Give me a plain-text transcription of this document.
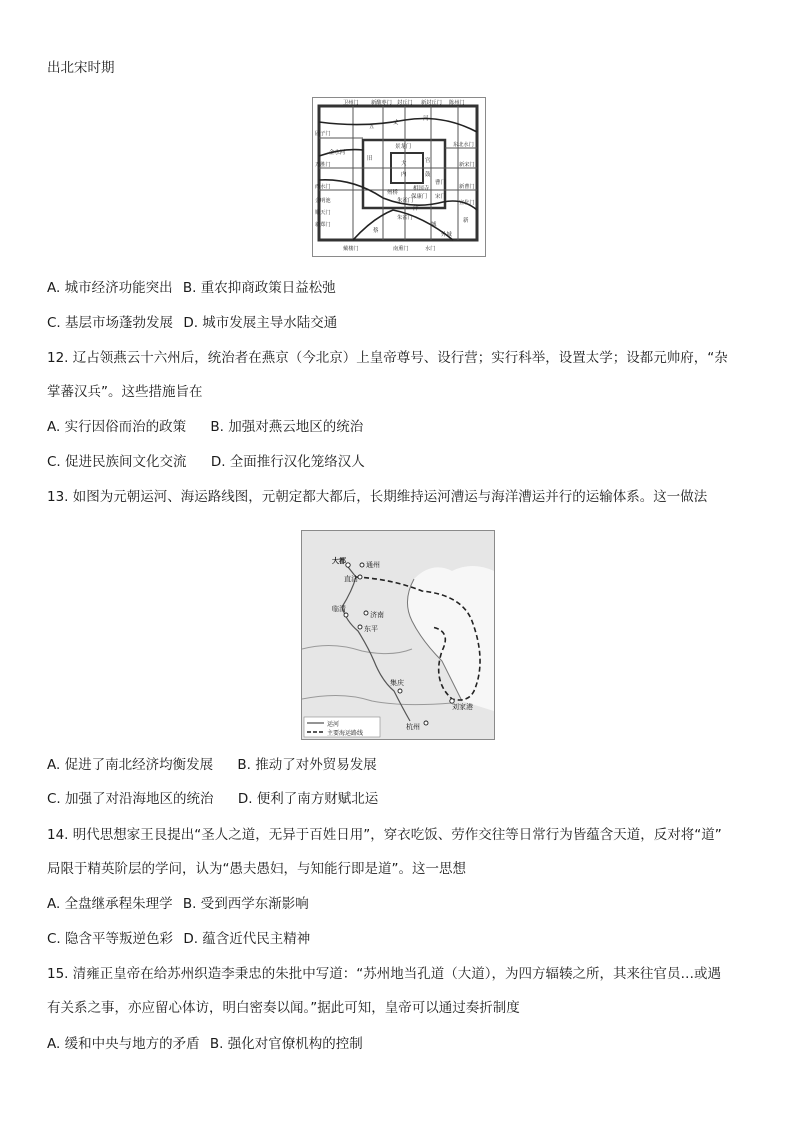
出北宋时期
卫州门 新酸枣门 封丘门 新封丘门 陈州门
固子门
东北水门
万胜门	新宋门
西水门	新曹门
金明池	宣化门
顺天门
朱雀门
戴楼门
新郑门
水门
南熏门
大
内
五
丈
河
汴
蔡
城
宫
景龙门
金水河
鼓
新
旧
曹门
宋门
朱雀门
保康门
州桥
相国寺
外城
A. 城市经济功能突出 B. 重农抑商政策日益松弛
C. 基层市场蓬勃发展 D. 城市发展主导水陆交通
12. 辽占领燕云十六州后，统治者在燕京（今北京）上皇帝尊号、设行营；实行科举，设置太学；设都元帅府，“杂
掌蕃汉兵”。这些措施旨在
A. 实行因俗而治的政策 B. 加强对燕云地区的统治
C. 促进民族间文化交流 D. 全面推行汉化笼络汉人
13. 如图为元朝运河、海运路线图，元朝定都大都后，长期维持运河漕运与海洋漕运并行的运输体系。这一做法
大都	通州
直沽
临清
济南
东平
集庆
刘家港
杭州
运河
主要海运路线
A. 促进了南北经济均衡发展 B. 推动了对外贸易发展
C. 加强了对沿海地区的统治 D. 便利了南方财赋北运
14. 明代思想家王艮提出“圣人之道，无异于百姓日用”，穿衣吃饭、劳作交往等日常行为皆蕴含天道，反对将“道”
局限于精英阶层的学问，认为“愚夫愚妇，与知能行即是道”。这一思想
A. 全盘继承程朱理学 B. 受到西学东渐影响
C. 隐含平等叛逆色彩 D. 蕴含近代民主精神
15. 清雍正皇帝在给苏州织造李秉忠的朱批中写道：“苏州地当孔道（大道），为四方辐辏之所，其来往官员…或遇
有关系之事，亦应留心体访，明白密奏以闻。”据此可知，皇帝可以通过奏折制度
A. 缓和中央与地方的矛盾 B. 强化对官僚机构的控制
